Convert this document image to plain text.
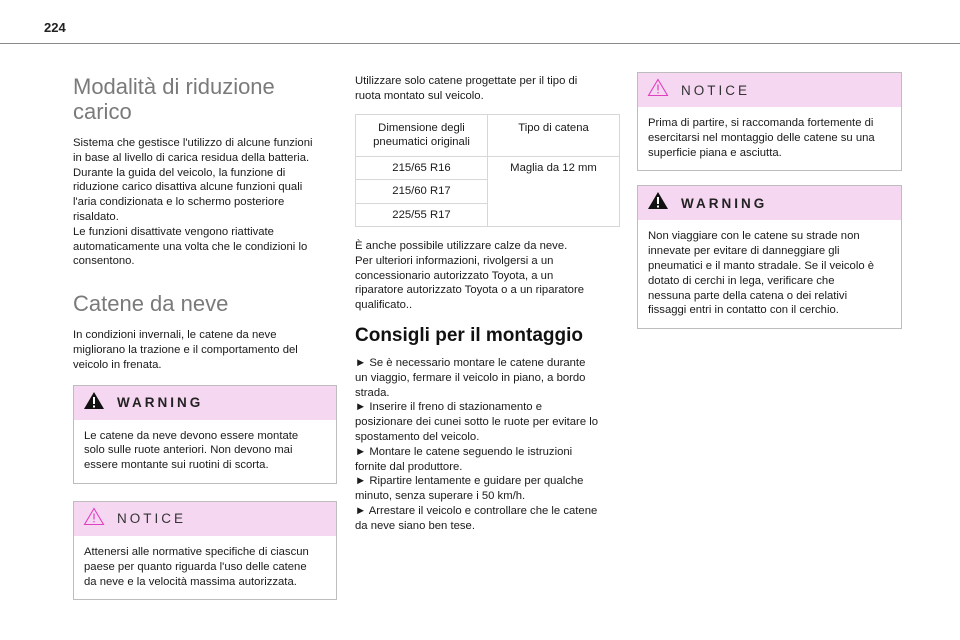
224
Modalità di riduzione
carico

Sistema che gestisce l'utilizzo di alcune funzioni
in base al livello di carica residua della batteria.
Durante la guida del veicolo, la funzione di
riduzione carico disattiva alcune funzioni quali
l'aria condizionata e lo schermo posteriore
risaldato.
Le funzioni disattivate vengono riattivate
automaticamente una volta che le condizioni lo
consentono.

Catene da neve

In condizioni invernali, le catene da neve
migliorano la trazione e il comportamento del
veicolo in frenata.

WARNING
Le catene da neve devono essere montate
solo sulle ruote anteriori. Non devono mai
essere montante sui ruotini di scorta.
NOTICE
Attenersi alle normative specifiche di ciascun
paese per quanto riguarda l'uso delle catene
da neve e la velocità massima autorizzata.

Utilizzare solo catene progettate per il tipo di
ruota montato sul veicolo.

Dimensione degli
pneumatici originali	Tipo di catena
215/65 R16	Maglia da 12 mm
215/60 R17	
225/55 R17	

È anche possibile utilizzare calze da neve.
Per ulteriori informazioni, rivolgersi a un
concessionario autorizzato Toyota, a un
riparatore autorizzato Toyota o a un riparatore
qualificato..

Consigli per il montaggio

► Se è necessario montare le catene durante
un viaggio, fermare il veicolo in piano, a bordo
strada.
► Inserire il freno di stazionamento e
posizionare dei cunei sotto le ruote per evitare lo
spostamento del veicolo.
► Montare le catene seguendo le istruzioni
fornite dal produttore.
► Ripartire lentamente e guidare per qualche
minuto, senza superare i 50 km/h.
► Arrestare il veicolo e controllare che le catene
da neve siano ben tese.

NOTICE
Prima di partire, si raccomanda fortemente di
esercitarsi nel montaggio delle catene su una
superficie piana e asciutta.
WARNING
Non viaggiare con le catene su strade non
innevate per evitare di danneggiare gli
pneumatici e il manto stradale. Se il veicolo è
dotato di cerchi in lega, verificare che
nessuna parte della catena o dei relativi
fissaggi entri in contatto con il cerchio.
